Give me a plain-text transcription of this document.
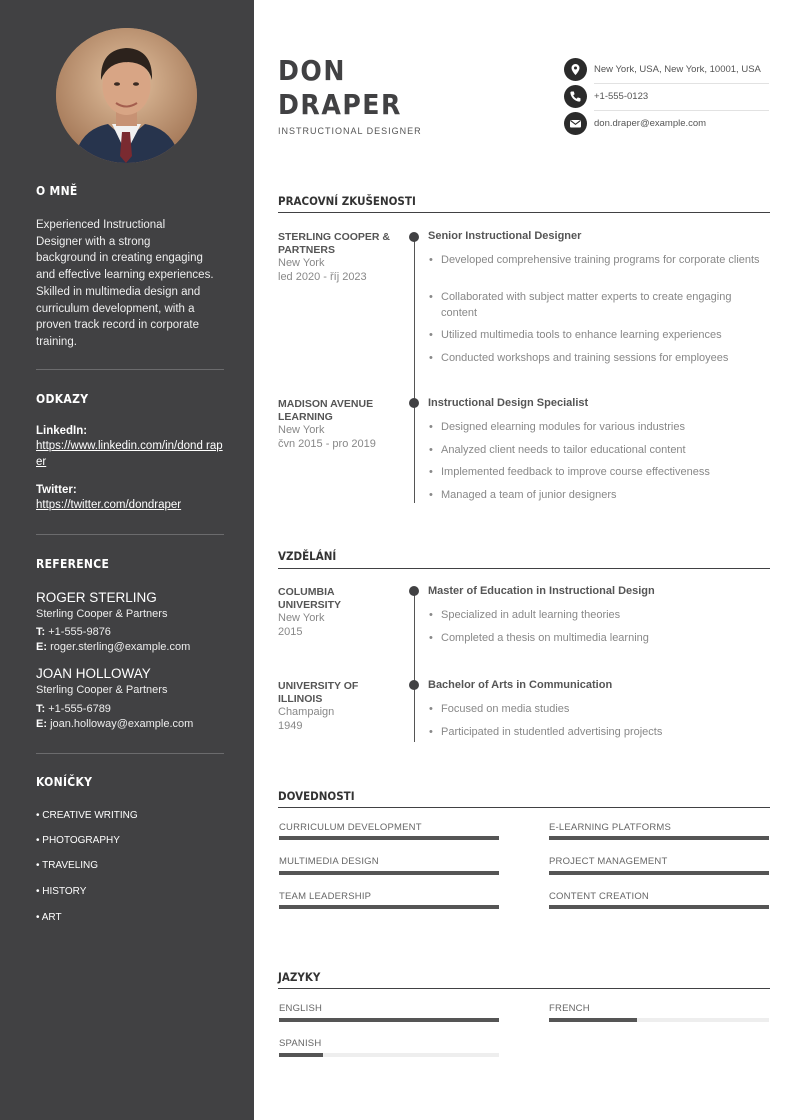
O MNĚ
Experienced Instructional
Designer with a strong
background in creating engaging
and effective learning experiences.
Skilled in multimedia design and
curriculum development, with a
proven track record in corporate
training.
ODKAZY
LinkedIn:
https://www.linkedin.com/in/dond raper
Twitter:
https://twitter.com/dondraper
REFERENCE
ROGER STERLING
Sterling Cooper & Partners
T: +1-555-9876
E: roger.sterling@example.com
JOAN HOLLOWAY
Sterling Cooper & Partners
T: +1-555-6789
E: joan.holloway@example.com
KONÍČKY
• CREATIVE WRITING
• PHOTOGRAPHY
• TRAVELING
• HISTORY
• ART
DON
DRAPER
INSTRUCTIONAL DESIGNER
New York, USA, New York, 10001, USA
+1-555-0123
don.draper@example.com
PRACOVNÍ ZKUŠENOSTI
STERLING COOPER &
PARTNERS
New York
led 2020 - říj 2023
Senior Instructional Designer
• Developed comprehensive training programs for corporate clients
• Collaborated with subject matter experts to create engaging content
• Utilized multimedia tools to enhance learning experiences
• Conducted workshops and training sessions for employees
MADISON AVENUE
LEARNING
New York
čvn 2015 - pro 2019
Instructional Design Specialist
• Designed elearning modules for various industries
• Analyzed client needs to tailor educational content
• Implemented feedback to improve course effectiveness
• Managed a team of junior designers
VZDĚLÁNÍ
COLUMBIA
UNIVERSITY
New York
2015
Master of Education in Instructional Design
• Specialized in adult learning theories
• Completed a thesis on multimedia learning
UNIVERSITY OF
ILLINOIS
Champaign
1949
Bachelor of Arts in Communication
• Focused on media studies
• Participated in studentled advertising projects
DOVEDNOSTI
CURRICULUM DEVELOPMENT	E-LEARNING PLATFORMS
MULTIMEDIA DESIGN	PROJECT MANAGEMENT
TEAM LEADERSHIP	CONTENT CREATION
JAZYKY
ENGLISH	FRENCH
SPANISH
